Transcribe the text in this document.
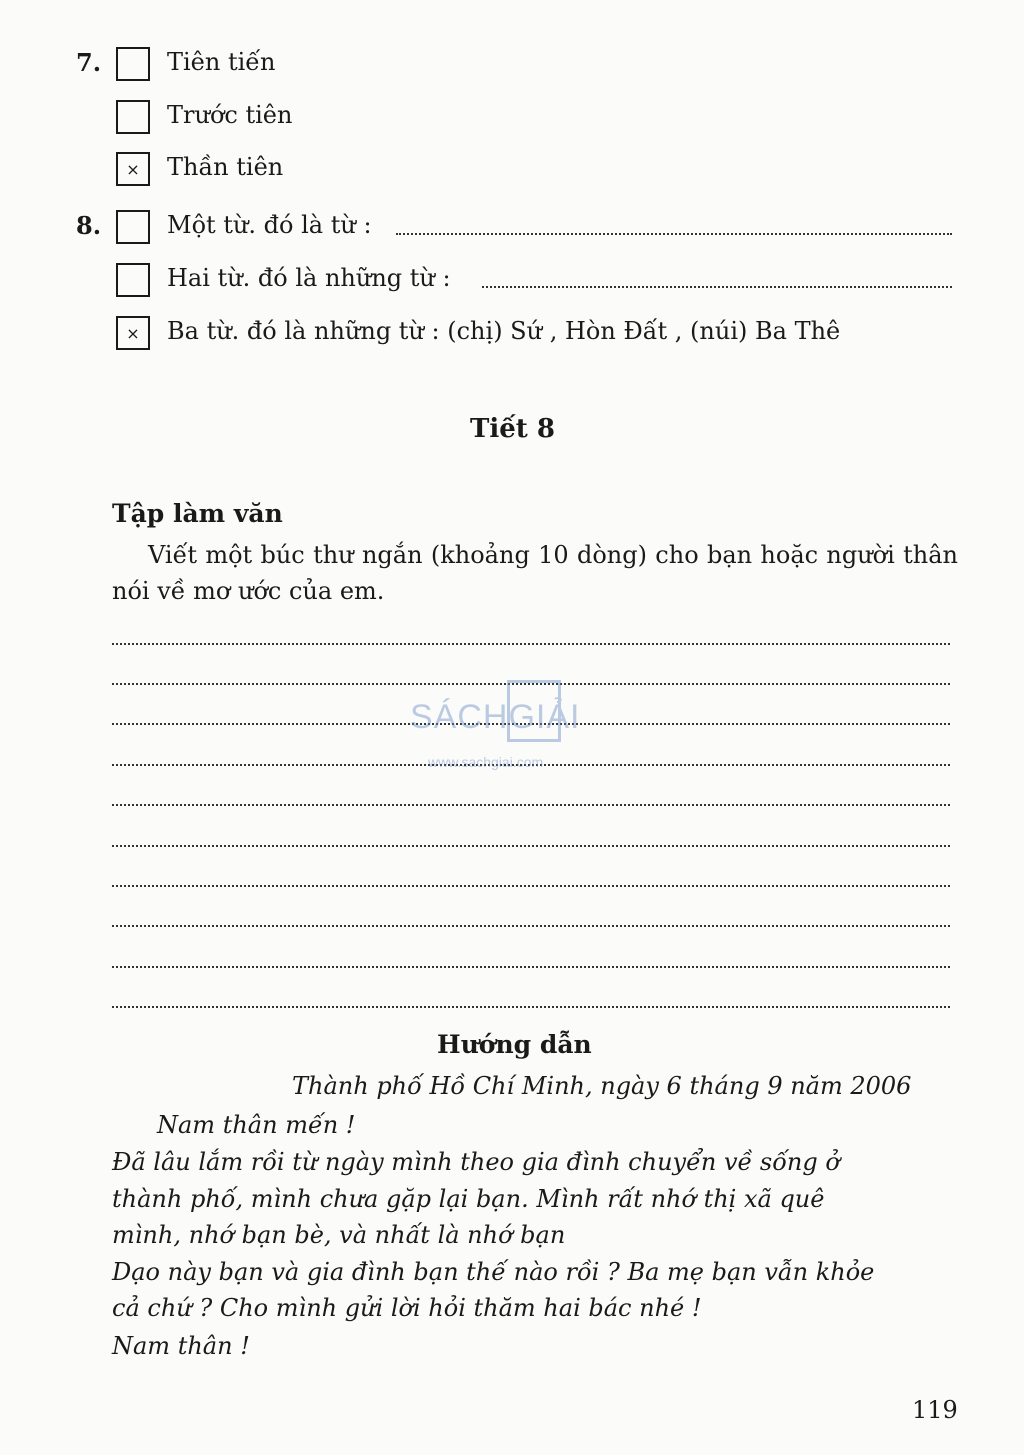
7.	Tiên tiến
Trước tiên
×	Thần tiên
8.	Một từ. đó là từ :
Hai từ. đó là những từ :
×	Ba từ. đó là những từ : (chị) Sứ , Hòn Đất , (núi) Ba Thê
Tiết 8
Tập làm văn
Viết một búc thư ngắn (khoảng 10 dòng) cho bạn hoặc người thân nói về mơ ước của em.
SÁCHGIẢI
www.sachgiai.com
Hướng dẫn
Thành phố Hồ Chí Minh, ngày 6 tháng 9 năm 2006
Nam thân mến !
Đã lâu lắm rồi từ ngày mình theo gia đình chuyển về sống ở
thành phố, mình chưa gặp lại bạn. Mình rất nhớ thị xã quê
mình, nhớ bạn bè, và nhất là nhớ bạn
Dạo này bạn và gia đình bạn thế nào rồi ? Ba mẹ bạn vẫn khỏe
cả chứ ? Cho mình gửi lời hỏi thăm hai bác nhé !
Nam thân !
119
